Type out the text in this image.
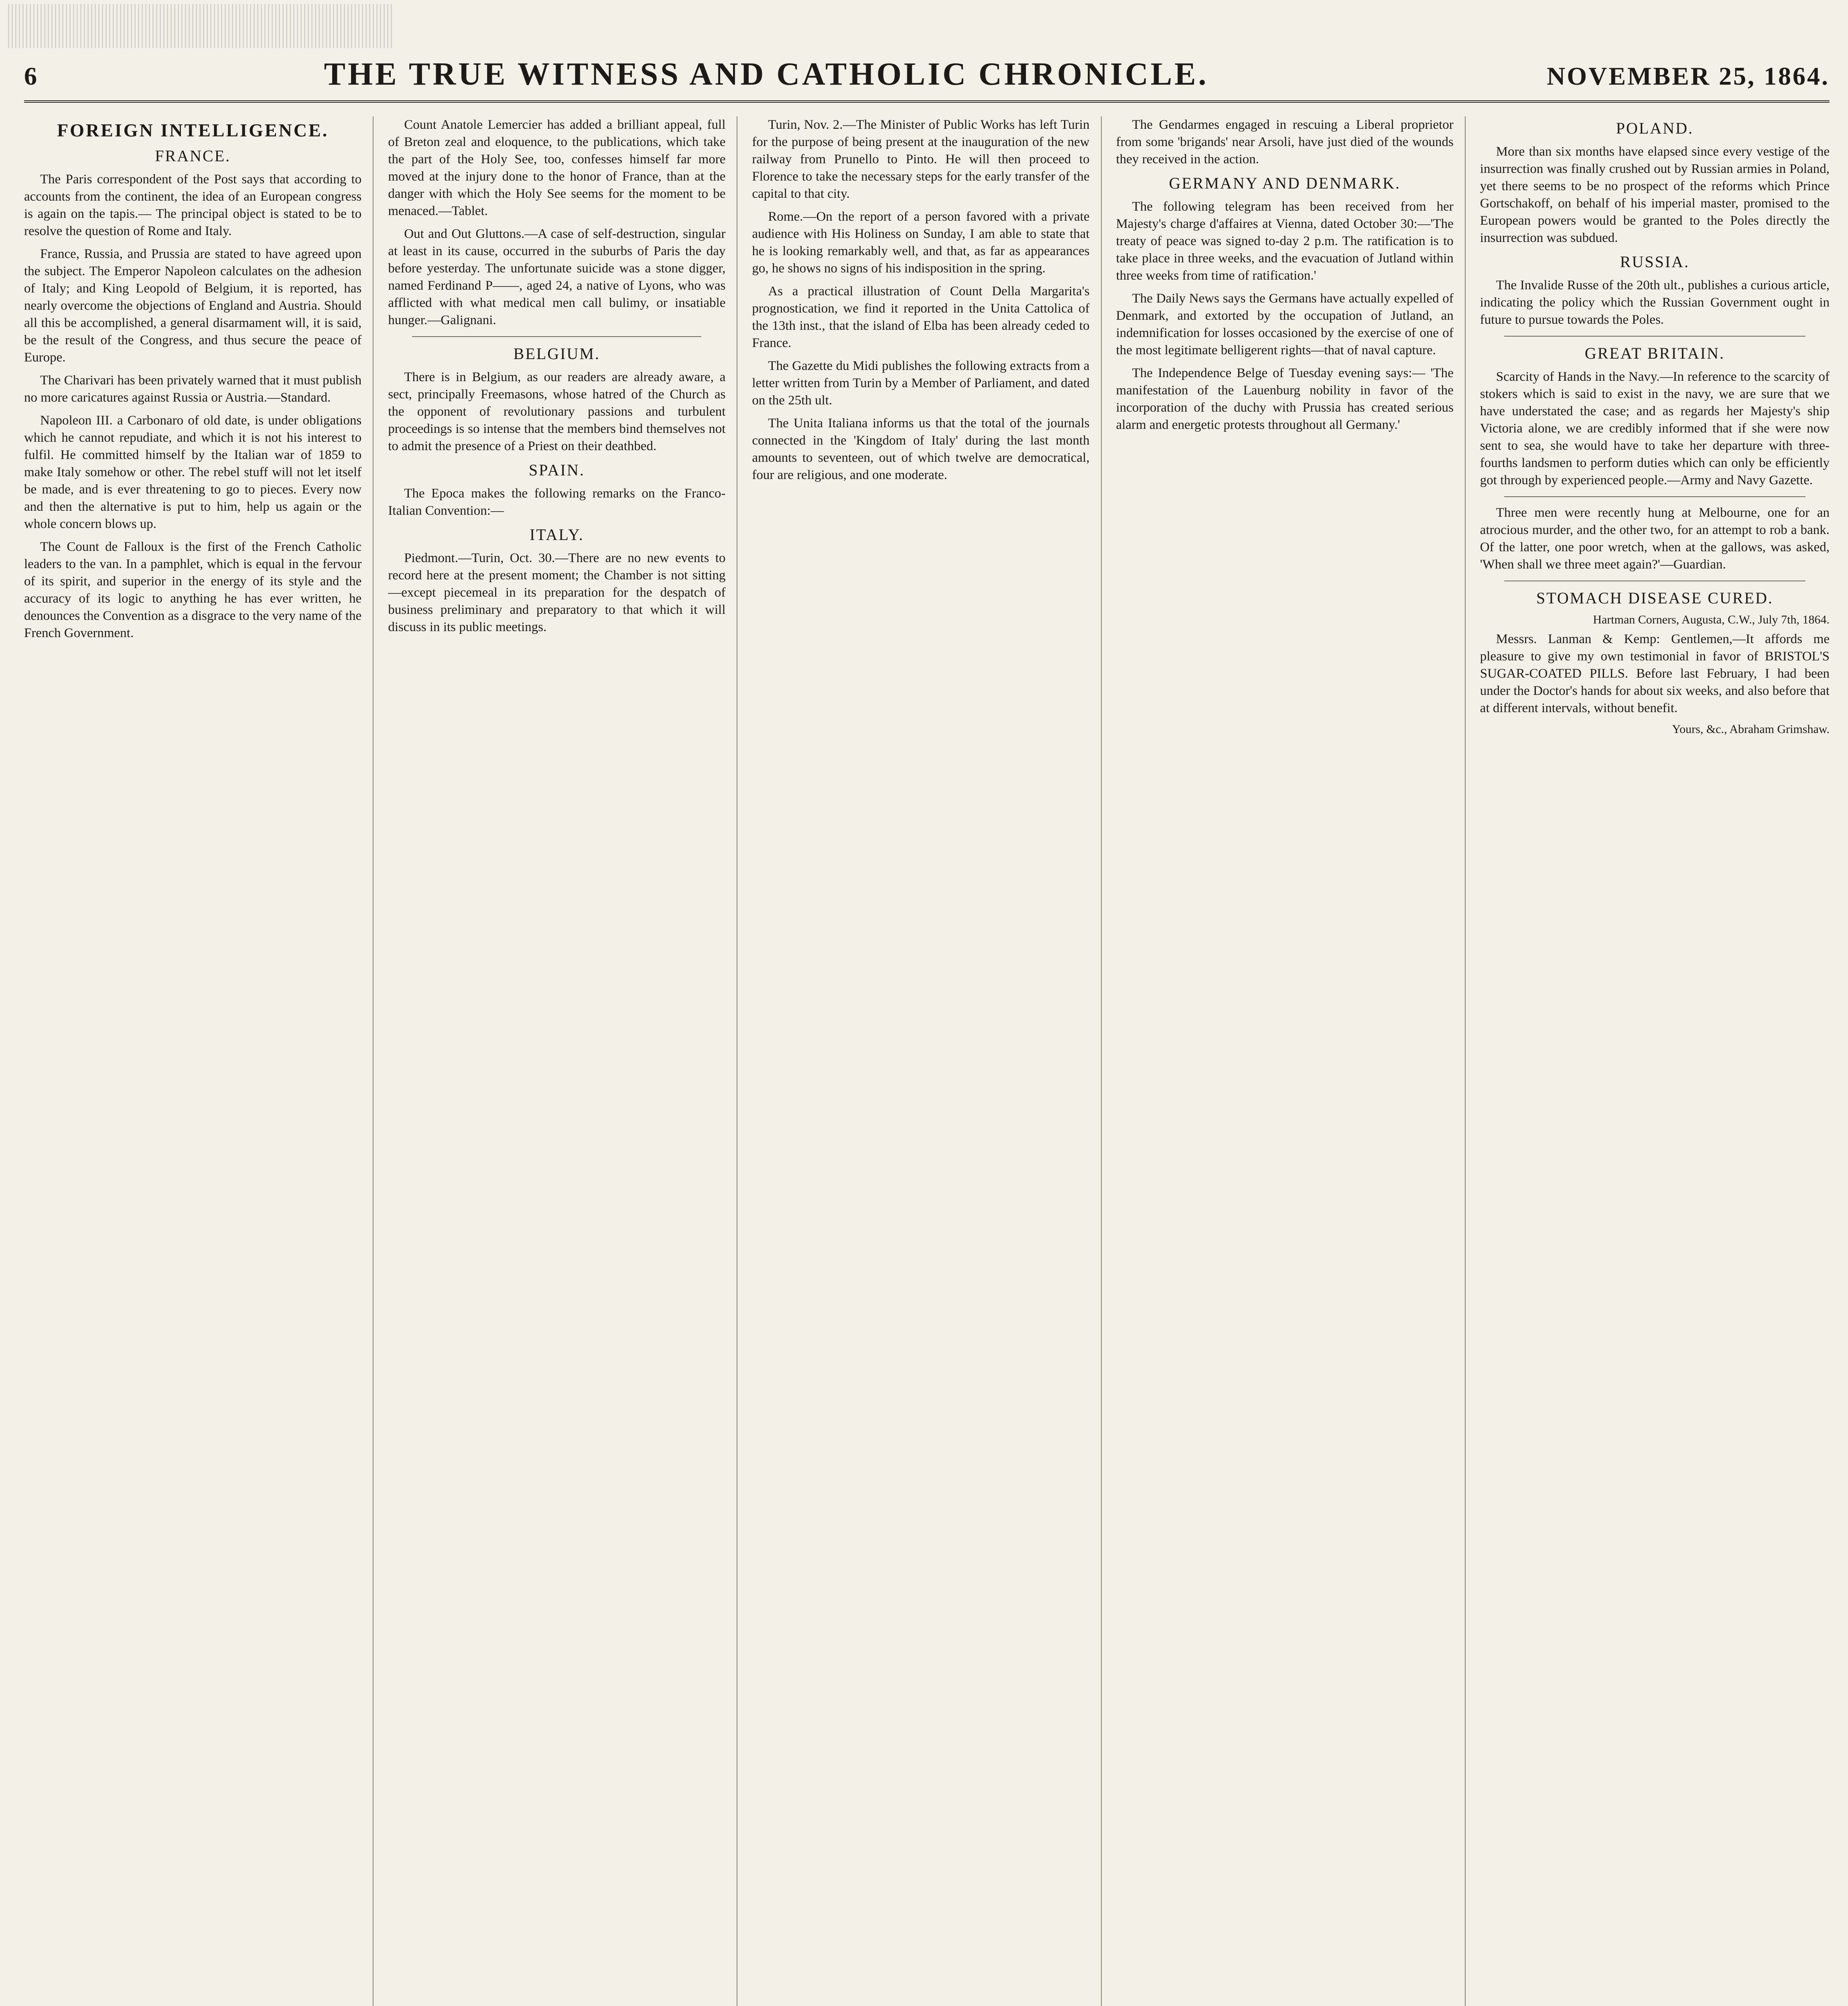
6	THE TRUE WITNESS AND CATHOLIC CHRONICLE.	NOVEMBER 25, 1864.
FOREIGN INTELLIGENCE.
FRANCE.

The Paris correspondent of the Post says that according to accounts from the continent, the idea of an European congress is again on the tapis.— The principal object is stated to be to resolve the question of Rome and Italy.

France, Russia, and Prussia are stated to have agreed upon the subject. The Emperor Napoleon calculates on the adhesion of Italy; and King Leopold of Belgium, it is reported, has nearly overcome the objections of England and Austria. Should all this be accomplished, a general disarmament will, it is said, be the result of the Congress, and thus secure the peace of Europe.

The Charivari has been privately warned that it must publish no more caricatures against Russia or Austria.—Standard.

Napoleon III. a Carbonaro of old date, is under obligations which he cannot repudiate, and which it is not his interest to fulfil. He committed himself by the Italian war of 1859 to make Italy somehow or other. The rebel stuff will not let itself be made, and is ever threatening to go to pieces. Every now and then the alternative is put to him, help us again or the whole concern blows up.

The Count de Falloux is the first of the French Catholic leaders to the van. In a pamphlet, which is equal in the fervour of its spirit, and superior in the energy of its style and the accuracy of its logic to anything he has ever written, he denounces the Convention as a disgrace to the very name of the French Government.

Count Anatole Lemercier has added a brilliant appeal, full of Breton zeal and eloquence, to the publications, which take the part of the Holy See, too, confesses himself far more moved at the injury done to the honor of France, than at the danger with which the Holy See seems for the moment to be menaced.—Tablet.

Out and Out Gluttons.—A case of self-destruction, singular at least in its cause, occurred in the suburbs of Paris the day before yesterday. The unfortunate suicide was a stone digger, named Ferdinand P——, aged 24, a native of Lyons, who was afflicted with what medical men call bulimy, or insatiable hunger.—Galignani.

BELGIUM.

There is in Belgium, as our readers are already aware, a sect, principally Freemasons, whose hatred of the Church as the opponent of revolutionary passions and turbulent proceedings is so intense that the members bind themselves not to admit the presence of a Priest on their deathbed.

SPAIN.

The Epoca makes the following remarks on the Franco-Italian Convention:—

ITALY.

Piedmont.—Turin, Oct. 30.—There are no new events to record here at the present moment; the Chamber is not sitting—except piecemeal in its preparation for the despatch of business preliminary and preparatory to that which it will discuss in its public meetings.

Turin, Nov. 2.—The Minister of Public Works has left Turin for the purpose of being present at the inauguration of the new railway from Prunello to Pinto. He will then proceed to Florence to take the necessary steps for the early transfer of the capital to that city.

Rome.—On the report of a person favored with a private audience with His Holiness on Sunday, I am able to state that he is looking remarkably well, and that, as far as appearances go, he shows no signs of his indisposition in the spring.

As a practical illustration of Count Della Margarita's prognostication, we find it reported in the Unita Cattolica of the 13th inst., that the island of Elba has been already ceded to France.

The Gazette du Midi publishes the following extracts from a letter written from Turin by a Member of Parliament, and dated on the 25th ult.

The Unita Italiana informs us that the total of the journals connected in the 'Kingdom of Italy' during the last month amounts to seventeen, out of which twelve are democratical, four are religious, and one moderate.

The Gendarmes engaged in rescuing a Liberal proprietor from some 'brigands' near Arsoli, have just died of the wounds they received in the action.

GERMANY AND DENMARK.

The following telegram has been received from her Majesty's charge d'affaires at Vienna, dated October 30:—'The treaty of peace was signed to-day 2 p.m. The ratification is to take place in three weeks, and the evacuation of Jutland within three weeks from time of ratification.'

The Daily News says the Germans have actually expelled of Denmark, and extorted by the occupation of Jutland, an indemnification for losses occasioned by the exercise of one of the most legitimate belligerent rights—that of naval capture.

The Independence Belge of Tuesday evening says:— 'The manifestation of the Lauenburg nobility in favor of the incorporation of the duchy with Prussia has created serious alarm and energetic protests throughout all Germany.'

POLAND.

More than six months have elapsed since every vestige of the insurrection was finally crushed out by Russian armies in Poland, yet there seems to be no prospect of the reforms which Prince Gortschakoff, on behalf of his imperial master, promised to the European powers would be granted to the Poles directly the insurrection was subdued.

RUSSIA.

The Invalide Russe of the 20th ult., publishes a curious article, indicating the policy which the Russian Government ought in future to pursue towards the Poles.

GREAT BRITAIN.

Scarcity of Hands in the Navy.—In reference to the scarcity of stokers which is said to exist in the navy, we are sure that we have understated the case; and as regards her Majesty's ship Victoria alone, we are credibly informed that if she were now sent to sea, she would have to take her departure with three-fourths landsmen to perform duties which can only be efficiently got through by experienced people.—Army and Navy Gazette.

Three men were recently hung at Melbourne, one for an atrocious murder, and the other two, for an attempt to rob a bank. Of the latter, one poor wretch, when at the gallows, was asked, 'When shall we three meet again?'—Guardian.

STOMACH DISEASE CURED.
Hartman Corners, Augusta, C.W., July 7th, 1864.

Messrs. Lanman & Kemp: Gentlemen,—It affords me pleasure to give my own testimonial in favor of BRISTOL'S SUGAR-COATED PILLS. Before last February, I had been under the Doctor's hands for about six weeks, and also before that at different intervals, without benefit.

Yours, &c., Abraham Grimshaw.
